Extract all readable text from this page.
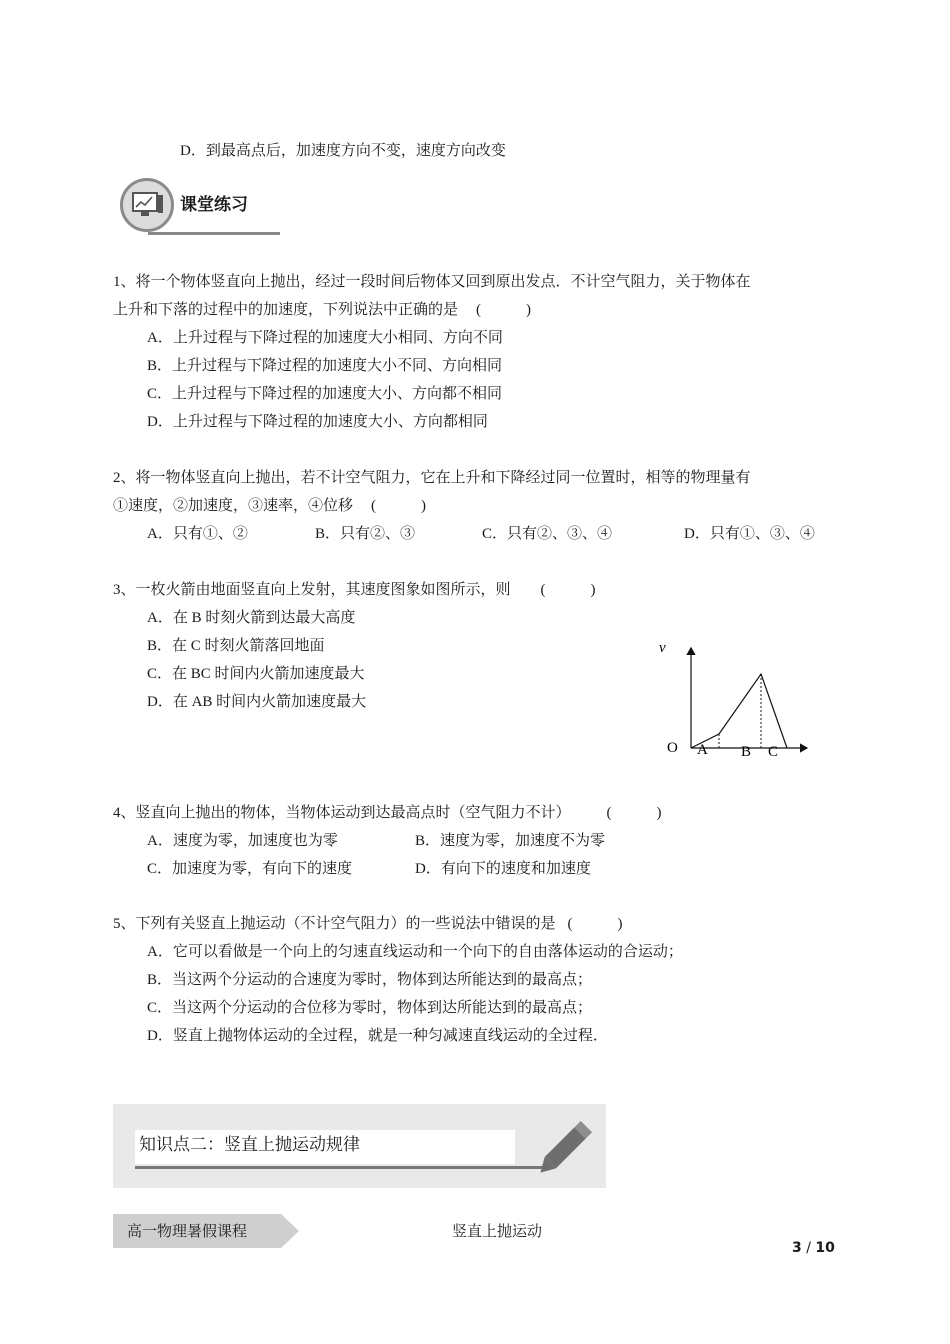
D．到最高点后，加速度方向不变，速度方向改变
课堂练习
1、将一个物体竖直向上抛出，经过一段时间后物体又回到原出发点．不计空气阻力，关于物体在
上升和下落的过程中的加速度，下列说法中正确的是 (　　　)
A．上升过程与下降过程的加速度大小相同、方向不同
B．上升过程与下降过程的加速度大小不同、方向相同
C．上升过程与下降过程的加速度大小、方向都不相同
D．上升过程与下降过程的加速度大小、方向都相同
2、将一物体竖直向上抛出，若不计空气阻力，它在上升和下降经过同一位置时，相等的物理量有
①速度，②加速度，③速率，④位移 (　　　)
A．只有①、②	B．只有②、③	C．只有②、③、④	D．只有①、③、④
3、一枚火箭由地面竖直向上发射，其速度图象如图所示，则 (　　　)
A．在 B 时刻火箭到达最大高度
B．在 C 时刻火箭落回地面
C．在 BC 时间内火箭加速度最大
D．在 AB 时间内火箭加速度最大
v
O A B C
4、竖直向上抛出的物体，当物体运动到达最高点时（空气阻力不计） (　　　)
A．速度为零，加速度也为零	B．速度为零，加速度不为零
C．加速度为零，有向下的速度	D．有向下的速度和加速度
5、下列有关竖直上抛运动（不计空气阻力）的一些说法中错误的是 (　　　)
A．它可以看做是一个向上的匀速直线运动和一个向下的自由落体运动的合运动；
B．当这两个分运动的合速度为零时，物体到达所能达到的最高点；
C．当这两个分运动的合位移为零时，物体到达所能达到的最高点；
D．竖直上抛物体运动的全过程，就是一种匀减速直线运动的全过程．
知识点二：竖直上抛运动规律
高一物理暑假课程	竖直上抛运动
3 / 10
